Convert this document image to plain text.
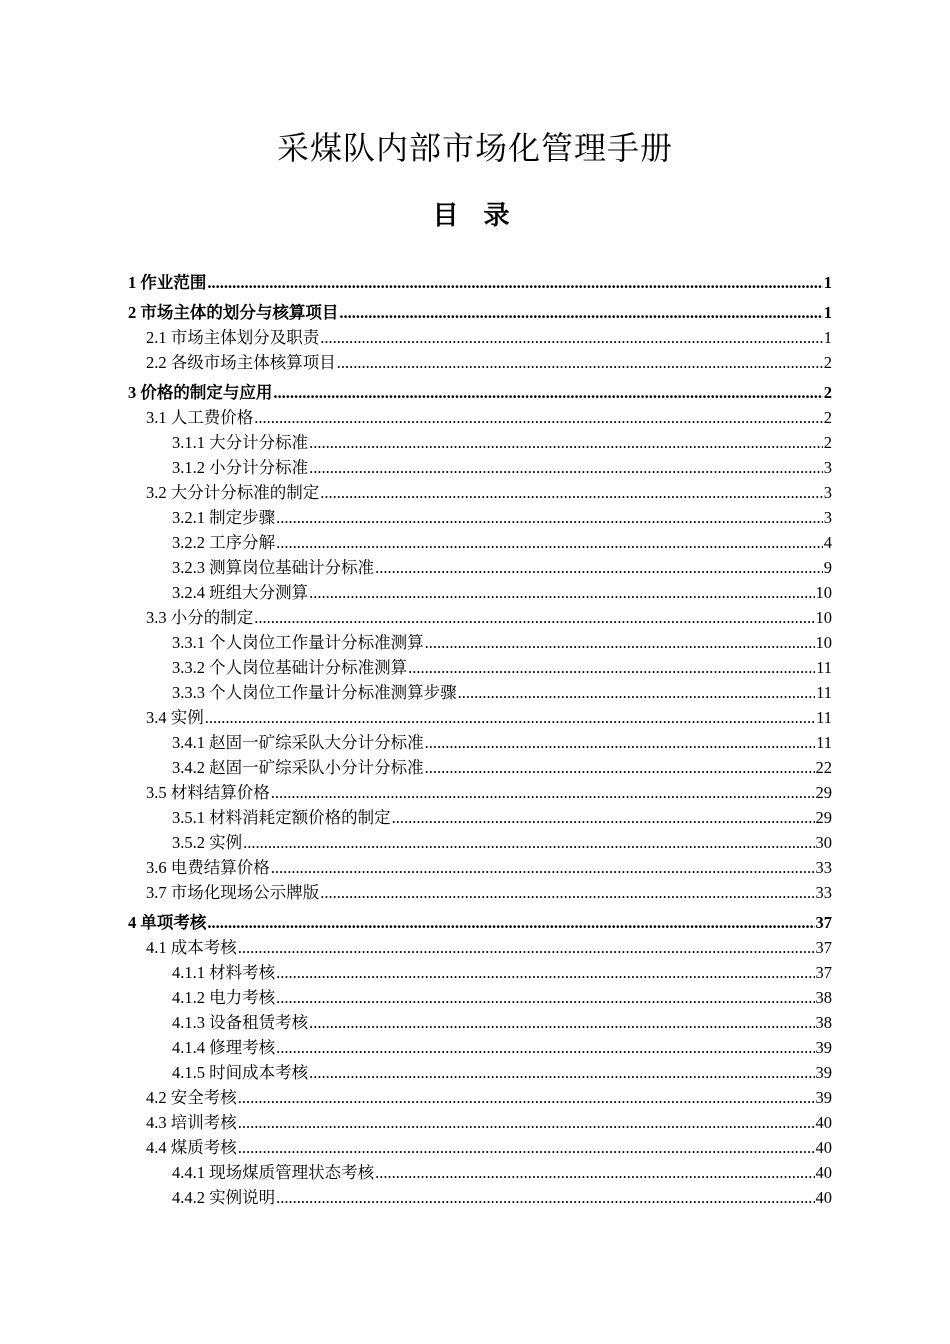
采煤队内部市场化管理手册
目 录
1 作业范围 .....	1
2 市场主体的划分与核算项目 .....	1
2.1 市场主体划分及职责 .....	1
2.2 各级市场主体核算项目 .....	2
3 价格的制定与应用 .....	2
3.1 人工费价格 .....	2
3.1.1 大分计分标准 .....	2
3.1.2 小分计分标准 .....	3
3.2 大分计分标准的制定 .....	3
3.2.1 制定步骤 .....	3
3.2.2 工序分解 .....	4
3.2.3 测算岗位基础计分标准 .....	9
3.2.4 班组大分测算 .....	10
3.3 小分的制定 .....	10
3.3.1 个人岗位工作量计分标准测算 .....	10
3.3.2 个人岗位基础计分标准测算 .....	11
3.3.3 个人岗位工作量计分标准测算步骤 .....	11
3.4 实例 .....	11
3.4.1 赵固一矿综采队大分计分标准 .....	11
3.4.2 赵固一矿综采队小分计分标准 .....	22
3.5 材料结算价格 .....	29
3.5.1 材料消耗定额价格的制定 .....	29
3.5.2 实例 .....	30
3.6 电费结算价格 .....	33
3.7 市场化现场公示牌版 .....	33
4 单项考核 .....	37
4.1 成本考核 .....	37
4.1.1 材料考核 .....	37
4.1.2 电力考核 .....	38
4.1.3 设备租赁考核 .....	38
4.1.4 修理考核 .....	39
4.1.5 时间成本考核 .....	39
4.2 安全考核 .....	39
4.3 培训考核 .....	40
4.4 煤质考核 .....	40
4.4.1 现场煤质管理状态考核 .....	40
4.4.2 实例说明 .....	40
